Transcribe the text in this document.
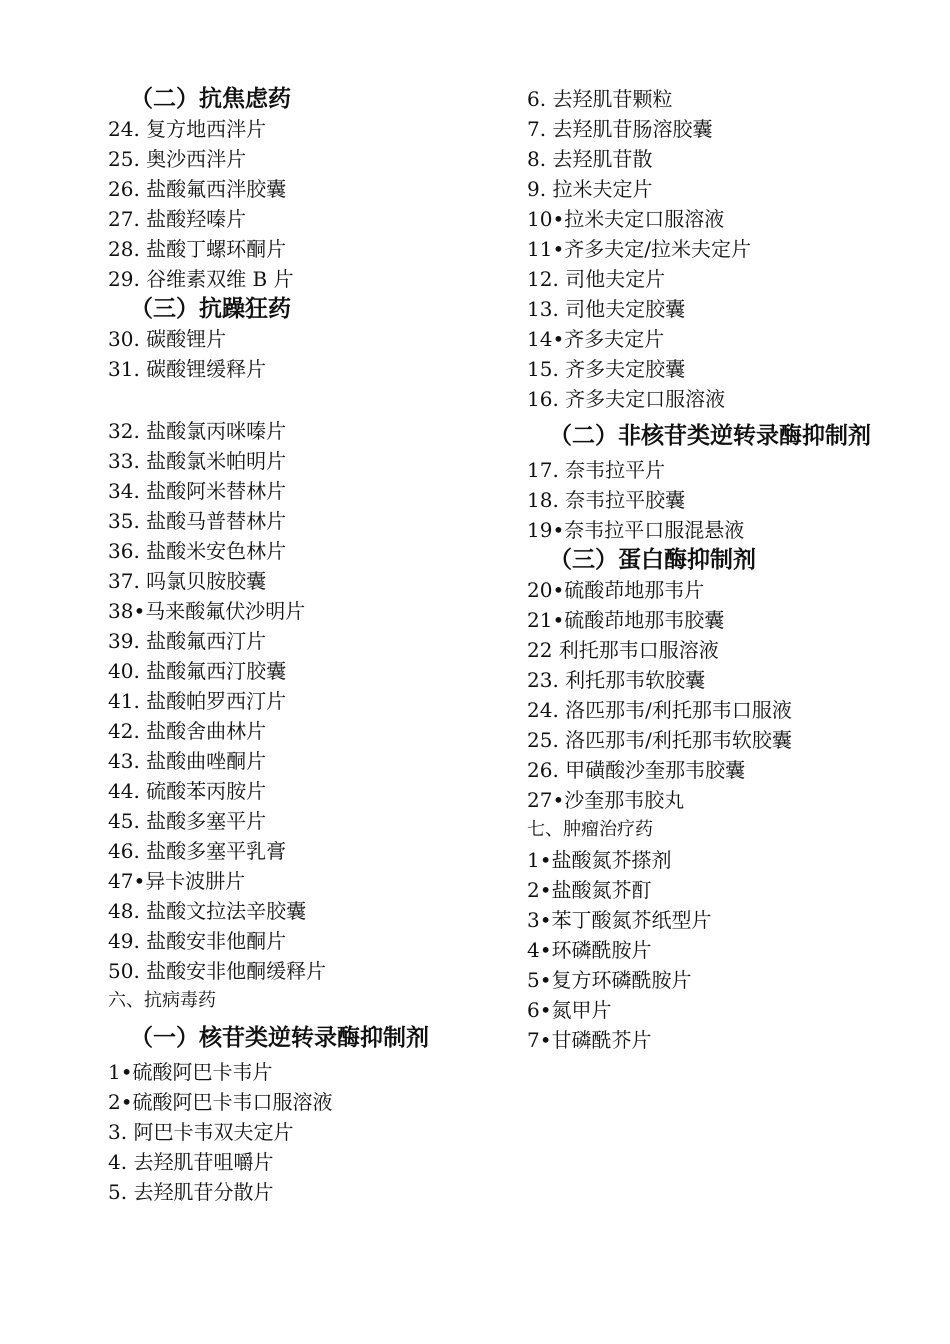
（二）抗焦虑药
24. 复方地西泮片
25. 奥沙西泮片
26. 盐酸氟西泮胶囊
27. 盐酸羟嗪片
28. 盐酸丁螺环酮片
29. 谷维素双维 B 片
（三）抗躁狂药
30. 碳酸锂片
31. 碳酸锂缓释片
32. 盐酸氯丙咪嗪片
33. 盐酸氯米帕明片
34. 盐酸阿米替林片
35. 盐酸马普替林片
36. 盐酸米安色林片
37. 吗氯贝胺胶囊
38•马来酸氟伏沙明片
39. 盐酸氟西汀片
40. 盐酸氟西汀胶囊
41. 盐酸帕罗西汀片
42. 盐酸舍曲林片
43. 盐酸曲唑酮片
44. 硫酸苯丙胺片
45. 盐酸多塞平片
46. 盐酸多塞平乳膏
47•异卡波肼片
48. 盐酸文拉法辛胶囊
49. 盐酸安非他酮片
50. 盐酸安非他酮缓释片
六、抗病毒药
（一）核苷类逆转录酶抑制剂
1•硫酸阿巴卡韦片
2•硫酸阿巴卡韦口服溶液
3. 阿巴卡韦双夫定片
4. 去羟肌苷咀嚼片
5. 去羟肌苷分散片
6. 去羟肌苷颗粒
7. 去羟肌苷肠溶胶囊
8. 去羟肌苷散
9. 拉米夫定片
10•拉米夫定口服溶液
11•齐多夫定/拉米夫定片
12. 司他夫定片
13. 司他夫定胶囊
14•齐多夫定片
15. 齐多夫定胶囊
16. 齐多夫定口服溶液
（二）非核苷类逆转录酶抑制剂
17. 奈韦拉平片
18. 奈韦拉平胶囊
19•奈韦拉平口服混悬液
（三）蛋白酶抑制剂
20•硫酸茚地那韦片
21•硫酸茚地那韦胶囊
22 利托那韦口服溶液
23. 利托那韦软胶囊
24. 洛匹那韦/利托那韦口服液
25. 洛匹那韦/利托那韦软胶囊
26. 甲磺酸沙奎那韦胶囊
27•沙奎那韦胶丸
七、肿瘤治疗药
1•盐酸氮芥搽剂
2•盐酸氮芥酊
3•苯丁酸氮芥纸型片
4•环磷酰胺片
5•复方环磷酰胺片
6•氮甲片
7•甘磷酰芥片
